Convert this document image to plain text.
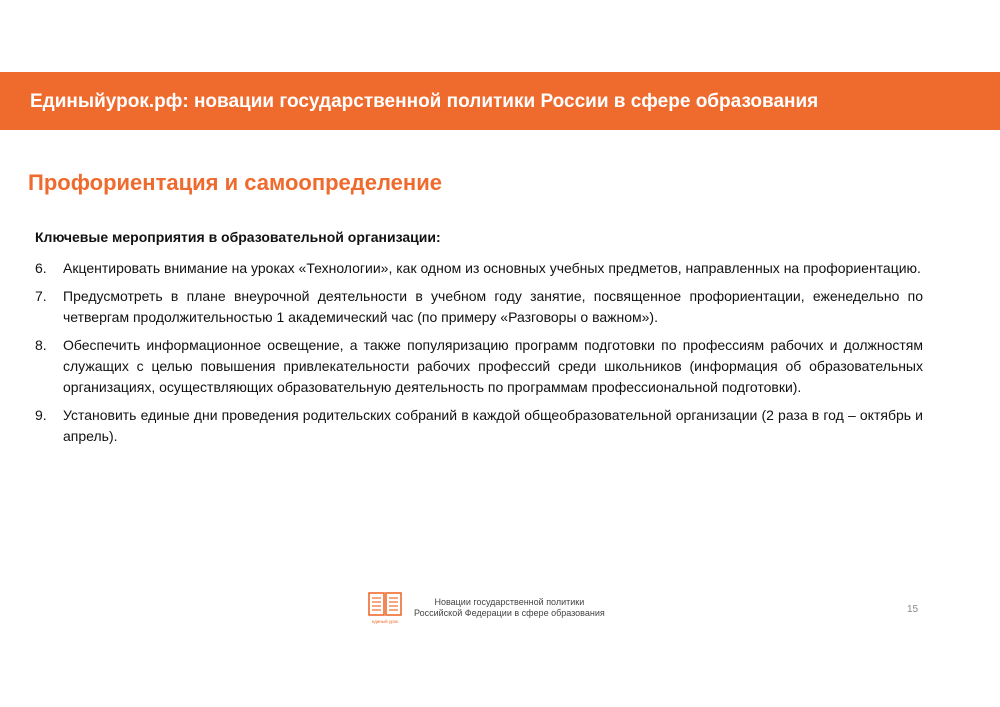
Единыйурок.рф: новации государственной политики России в сфере образования
Профориентация и самоопределение
Ключевые мероприятия в образовательной организации:
6. Акцентировать внимание на уроках «Технологии», как одном из основных учебных предметов, направленных на профориентацию.
7. Предусмотреть в плане внеурочной деятельности в учебном году занятие, посвященное профориентации, еженедельно по четвергам продолжительностью 1 академический час (по примеру «Разговоры о важном»).
8. Обеспечить информационное освещение, а также популяризацию программ подготовки по профессиям рабочих и должностям служащих с целью повышения привлекательности рабочих профессий среди школьников (информация об образовательных организациях, осуществляющих образовательную деятельность по программам профессиональной подготовки).
9. Установить единые дни проведения родительских собраний в каждой общеобразовательной организации (2 раза в год – октябрь и апрель).
единый урок
Новации государственной политики
Российской Федерации в сфере образования	15
